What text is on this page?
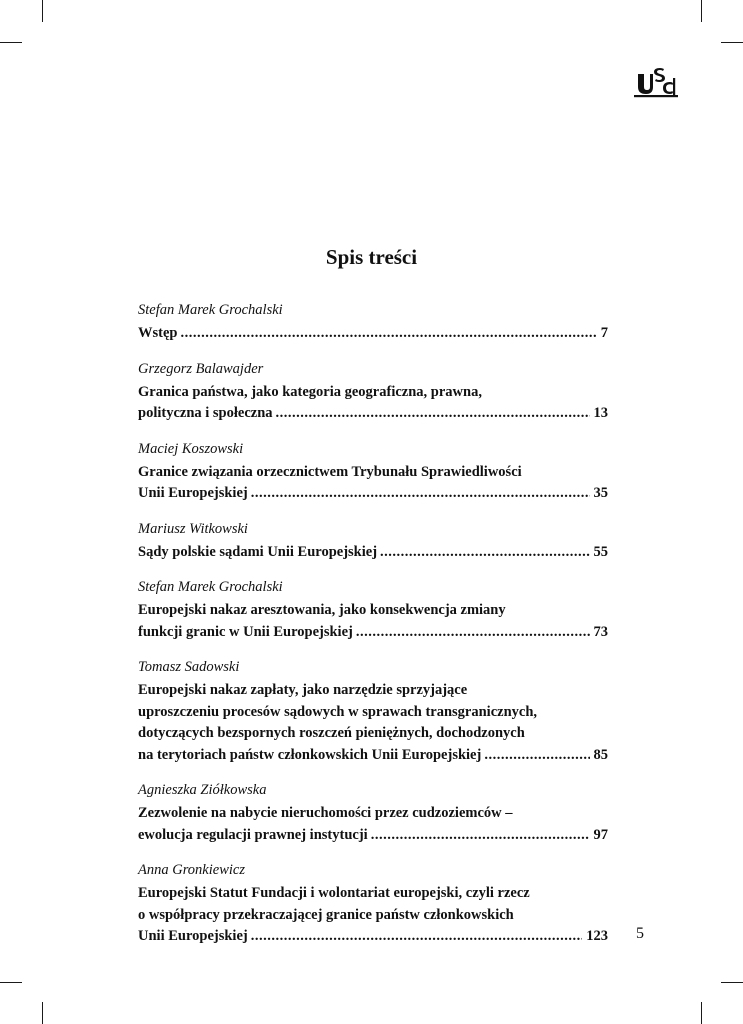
Spis treści
Stefan Marek Grochalski
Wstęp .....	7
Grzegorz Balawajder
Granica państwa, jako kategoria geograficzna, prawna,
polityczna i społeczna .....	13
Maciej Koszowski
Granice związania orzecznictwem Trybunału Sprawiedliwości
Unii Europejskiej .....	35
Mariusz Witkowski
Sądy polskie sądami Unii Europejskiej .....	55
Stefan Marek Grochalski
Europejski nakaz aresztowania, jako konsekwencja zmiany
funkcji granic w Unii Europejskiej .....	73
Tomasz Sadowski
Europejski nakaz zapłaty, jako narzędzie sprzyjające
uproszczeniu procesów sądowych w sprawach transgranicznych,
dotyczących bezspornych roszczeń pieniężnych, dochodzonych
na terytoriach państw członkowskich Unii Europejskiej .....	85
Agnieszka Ziółkowska
Zezwolenie na nabycie nieruchomości przez cudzoziemców –
ewolucja regulacji prawnej instytucji .....	97
Anna Gronkiewicz
Europejski Statut Fundacji i wolontariat europejski, czyli rzecz
o współpracy przekraczającej granice państw członkowskich
Unii Europejskiej .....	123 5
